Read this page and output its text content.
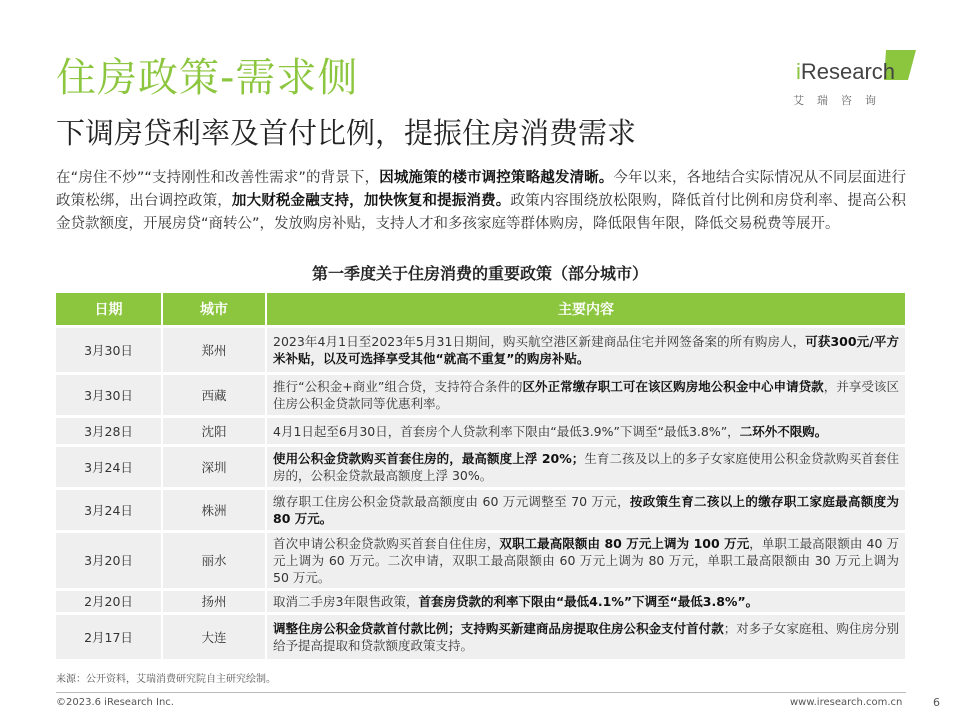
住房政策-需求侧
下调房贷利率及首付比例，提振住房消费需求
iResearch
艾瑞咨询
在“房住不炒”“支持刚性和改善性需求”的背景下，因城施策的楼市调控策略越发清晰。今年以来，各地结合实际情况从不同层面进行政策松绑，出台调控政策，加大财税金融支持，加快恢复和提振消费。政策内容围绕放松限购，降低首付比例和房贷利率、提高公积金贷款额度，开展房贷“商转公”，发放购房补贴，支持人才和多孩家庭等群体购房，降低限售年限，降低交易税费等展开。
第一季度关于住房消费的重要政策（部分城市）
日期	城市	主要内容
3月30日	郑州	2023年4月1日至2023年5月31日期间，购买航空港区新建商品住宅并网签备案的所有购房人，可获300元/平方米补贴，以及可选择享受其他“就高不重复”的购房补贴。
3月30日	西藏	推行“公积金+商业”组合贷，支持符合条件的区外正常缴存职工可在该区购房地公积金中心申请贷款，并享受该区住房公积金贷款同等优惠利率。
3月28日	沈阳	4月1日起至6月30日，首套房个人贷款利率下限由“最低3.9%”下调至“最低3.8%”，二环外不限购。
3月24日	深圳	使用公积金贷款购买首套住房的，最高额度上浮 20%；生育二孩及以上的多子女家庭使用公积金贷款购买首套住房的，公积金贷款最高额度上浮 30%。
3月24日	株洲	缴存职工住房公积金贷款最高额度由 60 万元调整至 70 万元，按政策生育二孩以上的缴存职工家庭最高额度为 80 万元。
3月20日	丽水	首次申请公积金贷款购买首套自住住房，双职工最高限额由 80 万元上调为 100 万元，单职工最高限额由 40 万元上调为 60 万元。二次申请，双职工最高限额由 60 万元上调为 80 万元，单职工最高限额由 30 万元上调为 50 万元。
2月20日	扬州	取消二手房3年限售政策，首套房贷款的利率下限由“最低4.1%”下调至“最低3.8%”。
2月17日	大连	调整住房公积金贷款首付款比例；支持购买新建商品房提取住房公积金支付首付款；对多子女家庭租、购住房分别给予提高提取和贷款额度政策支持。
来源：公开资料，艾瑞消费研究院自主研究绘制。
©2023.6 iResearch Inc.	www.iresearch.com.cn	6
